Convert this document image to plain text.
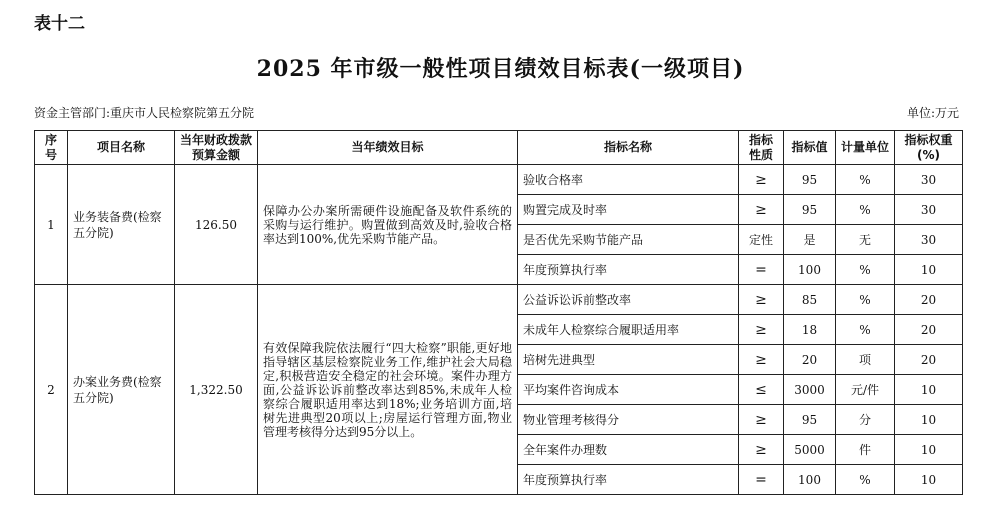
表十二
2025 年市级一般性项目绩效目标表(一级项目)
资金主管部门:重庆市人民检察院第五分院	单位:万元
序号	项目名称	当年财政拨款预算金额	当年绩效目标	指标名称	指标性质	指标值	计量单位	指标权重(%)
1	业务装备费(检察五分院)	126.50	保障办公办案所需硬件设施配备及软件系统的采购与运行维护。购置做到高效及时,验收合格率达到100%,优先采购节能产品。	验收合格率	≥	95	%	30
				购置完成及时率	≥	95	%	30
				是否优先采购节能产品	定性	是	无	30
				年度预算执行率	=	100	%	10
2	办案业务费(检察五分院)	1,322.50	有效保障我院依法履行“四大检察”职能,更好地指导辖区基层检察院业务工作,维护社会大局稳定,积极营造安全稳定的社会环境。案件办理方面,公益诉讼诉前整改率达到85%,未成年人检察综合履职适用率达到18%;业务培训方面,培树先进典型20项以上;房屋运行管理方面,物业管理考核得分达到95分以上。	公益诉讼诉前整改率	≥	85	%	20
				未成年人检察综合履职适用率	≥	18	%	20
				培树先进典型	≥	20	项	20
				平均案件咨询成本	≤	3000	元/件	10
				物业管理考核得分	≥	95	分	10
				全年案件办理数	≥	5000	件	10
				年度预算执行率	=	100	%	10
